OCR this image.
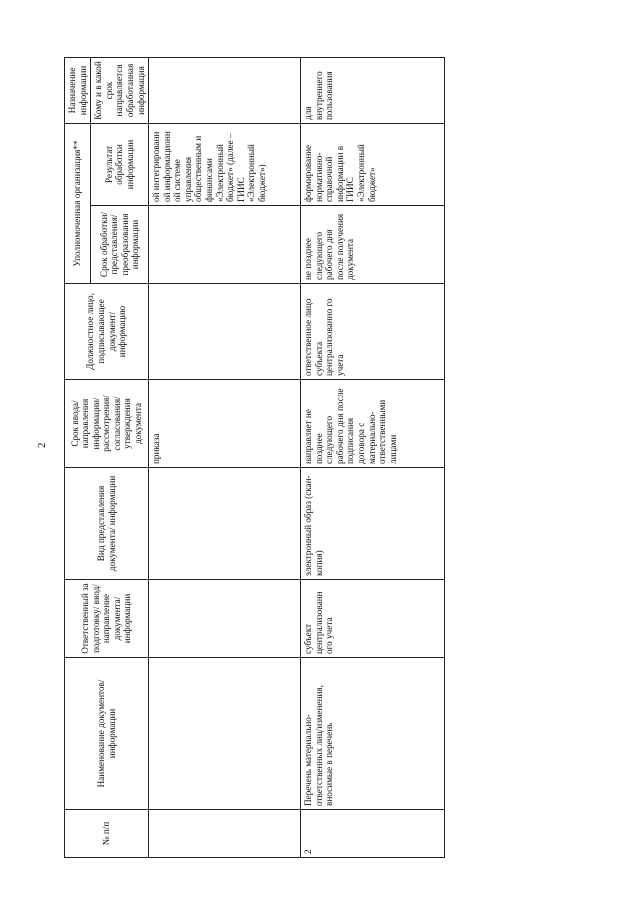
2
№ п/п	Наименование документов/информации	Ответственный за подготовку/ ввод/ направление документа/ информации	Вид представления документа/ информации	Срок ввода/ направления информации/ рассмотрения/ согласования/ утверждения документа	Должностное лицо, подписывающее документ/ информацию	Уполномоченная организация**		Назначение информации
						Срок обработки/ представления/ преобразования информации	Результат обработки информации	Кому и в какой срок направляется обработанная информация
				приказа			ой интегрированн ой информационн ой системе управления общественным и финансами «Электронный бюджет» (далее – ГИИС «Электронный бюджет»)	
2	Перечень материально-ответственных лиц/изменения, вносимые в перечень	субъект централизованн ого учета	электронный образ (скан-копия)	направляет не позднее следующего рабочего дня после подписания договора с материально-ответственными лицами	ответственное лицо субъекта централизованно го учета	не позднее следующего рабочего дня после получения документа	формирование нормативно-справочной информации в ГИИС «Электронный бюджет»	для внутреннего пользования
